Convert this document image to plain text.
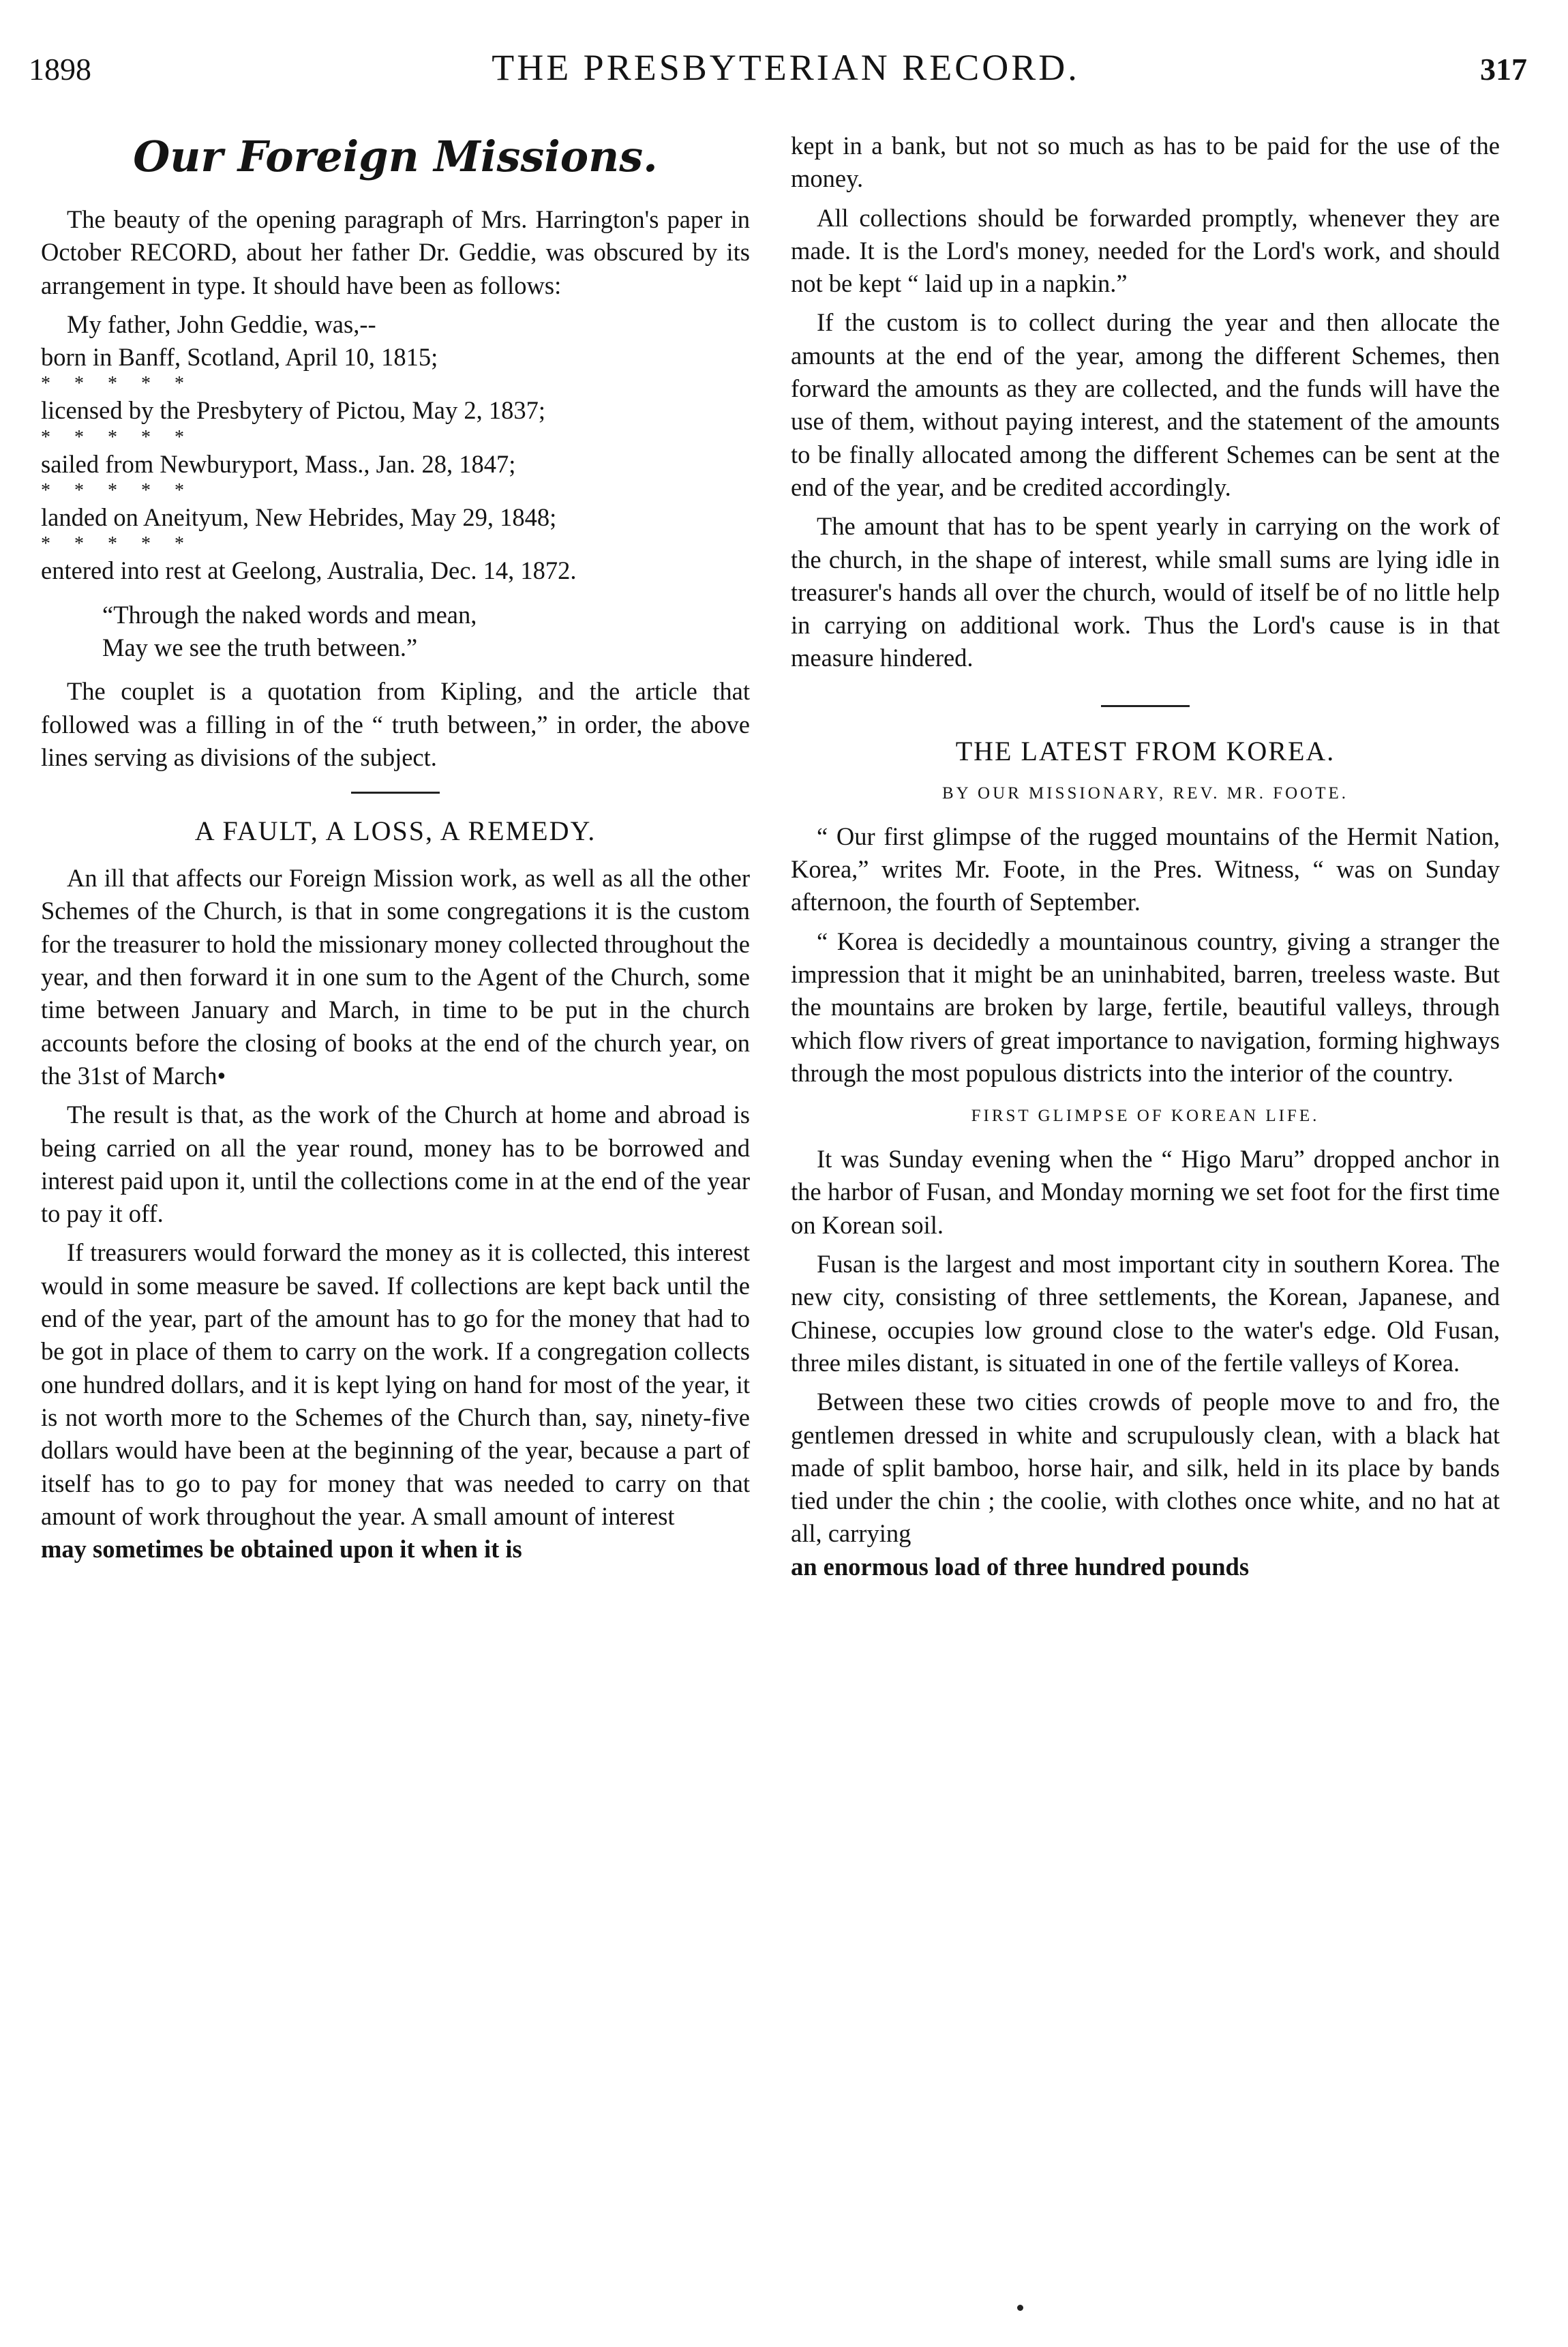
1898	THE PRESBYTERIAN RECORD.	317
Our Foreign Missions.

The beauty of the opening paragraph of Mrs. Harrington's paper in October RECORD, about her father Dr. Geddie, was obscured by its arrangement in type. It should have been as follows:

My father, John Geddie, was,--

born in Banff, Scotland, April 10, 1815;

* * * * *

licensed by the Presbytery of Pictou, May 2, 1837;

* * * * *

sailed from Newburyport, Mass., Jan. 28, 1847;

* * * * *

landed on Aneityum, New Hebrides, May 29, 1848;

* * * * *

entered into rest at Geelong, Australia, Dec. 14, 1872.

“Through the naked words and mean,
May we see the truth between.”

The couplet is a quotation from Kipling, and the article that followed was a filling in of the “ truth between,” in order, the above lines serving as divisions of the subject.

A FAULT, A LOSS, A REMEDY.

An ill that affects our Foreign Mission work, as well as all the other Schemes of the Church, is that in some congregations it is the custom for the treasurer to hold the missionary money collected throughout the year, and then forward it in one sum to the Agent of the Church, some time between January and March, in time to be put in the church accounts before the closing of books at the end of the church year, on the 31st of March•

The result is that, as the work of the Church at home and abroad is being carried on all the year round, money has to be borrowed and interest paid upon it, until the collections come in at the end of the year to pay it off.

If treasurers would forward the money as it is collected, this interest would in some measure be saved. If collections are kept back until the end of the year, part of the amount has to go for the money that had to be got in place of them to carry on the work. If a congregation collects one hundred dollars, and it is kept lying on hand for most of the year, it is not worth more to the Schemes of the Church than, say, ninety-five dollars would have been at the beginning of the year, because a part of itself has to go to pay for money that was needed to carry on that amount of work throughout the year. A small amount of interest

may sometimes be obtained upon it when it is

kept in a bank, but not so much as has to be paid for the use of the money.

All collections should be forwarded promptly, whenever they are made. It is the Lord's money, needed for the Lord's work, and should not be kept “ laid up in a napkin.”

If the custom is to collect during the year and then allocate the amounts at the end of the year, among the different Schemes, then forward the amounts as they are collected, and the funds will have the use of them, without paying interest, and the statement of the amounts to be finally allocated among the different Schemes can be sent at the end of the year, and be credited accordingly.

The amount that has to be spent yearly in carrying on the work of the church, in the shape of interest, while small sums are lying idle in treasurer's hands all over the church, would of itself be of no little help in carrying on additional work. Thus the Lord's cause is in that measure hindered.

THE LATEST FROM KOREA.
BY OUR MISSIONARY, REV. MR. FOOTE.

“ Our first glimpse of the rugged mountains of the Hermit Nation, Korea,” writes Mr. Foote, in the Pres. Witness, “ was on Sunday afternoon, the fourth of September.

“ Korea is decidedly a mountainous country, giving a stranger the impression that it might be an uninhabited, barren, treeless waste. But the mountains are broken by large, fertile, beautiful valleys, through which flow rivers of great importance to navigation, forming highways through the most populous districts into the interior of the country.

FIRST GLIMPSE OF KOREAN LIFE.

It was Sunday evening when the “ Higo Maru” dropped anchor in the harbor of Fusan, and Monday morning we set foot for the first time on Korean soil.

Fusan is the largest and most important city in southern Korea. The new city, consisting of three settlements, the Korean, Japanese, and Chinese, occupies low ground close to the water's edge. Old Fusan, three miles distant, is situated in one of the fertile valleys of Korea.

Between these two cities crowds of people move to and fro, the gentlemen dressed in white and scrupulously clean, with a black hat made of split bamboo, horse hair, and silk, held in its place by bands tied under the chin ; the coolie, with clothes once white, and no hat at all, carrying

an enormous load of three hundred pounds
